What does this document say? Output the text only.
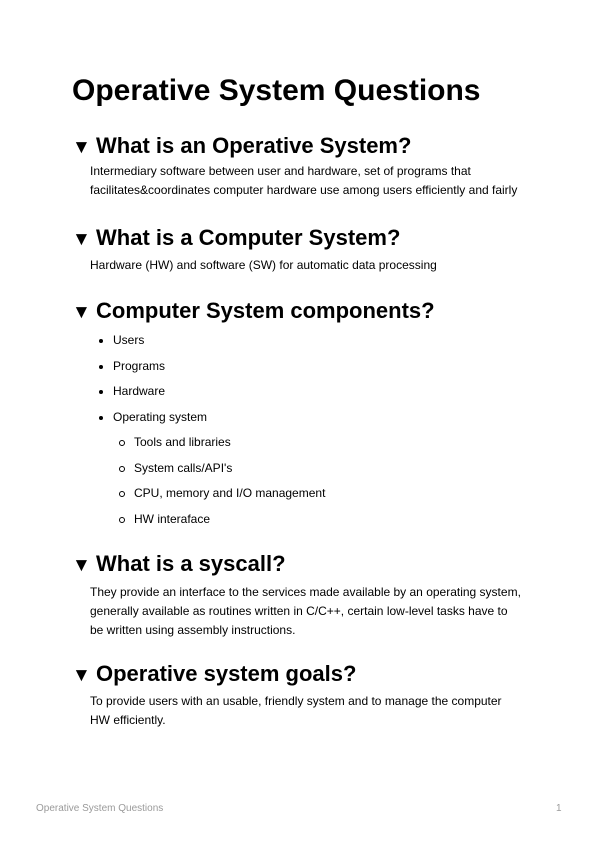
Operative System Questions
▼ What is an Operative System?

Intermediary software between user and hardware, set of programs that
facilitates&coordinates computer hardware use among users efficiently and fairly

▼ What is a Computer System?

Hardware (HW) and software (SW) for automatic data processing

▼ Computer System components?
Users
Programs
Hardware
Operating system
Tools and libraries
System calls/API's
CPU, memory and I/O management
HW interaface
▼ What is a syscall?

They provide an interface to the services made available by an operating system,
generally available as routines written in C/C++, certain low-level tasks have to
be written using assembly instructions.

▼ Operative system goals?

To provide users with an usable, friendly system and to manage the computer
HW efficiently.

Operative System Questions	1
